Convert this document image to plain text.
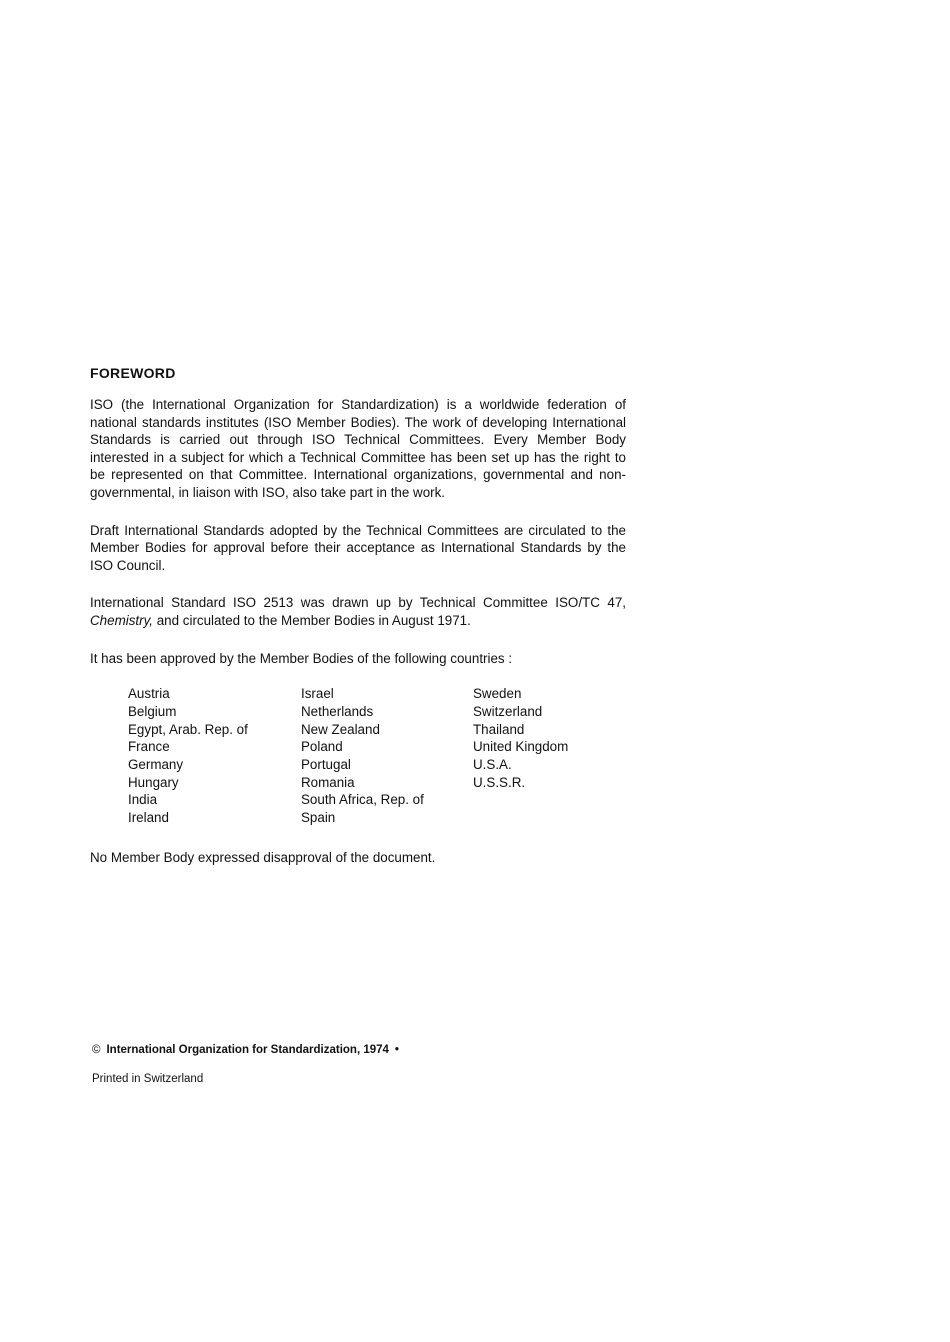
FOREWORD

ISO (the International Organization for Standardization) is a worldwide federation of national standards institutes (ISO Member Bodies). The work of developing International Standards is carried out through ISO Technical Committees. Every Member Body interested in a subject for which a Technical Committee has been set up has the right to be represented on that Committee. International organizations, governmental and non-governmental, in liaison with ISO, also take part in the work.

Draft International Standards adopted by the Technical Committees are circulated to the Member Bodies for approval before their acceptance as International Standards by the ISO Council.

International Standard ISO 2513 was drawn up by Technical Committee ISO/TC 47, Chemistry, and circulated to the Member Bodies in August 1971.

It has been approved by the Member Bodies of the following countries :

Austria
Belgium
Egypt, Arab. Rep. of
France
Germany
Hungary
India
Ireland
Israel
Netherlands
New Zealand
Poland
Portugal
Romania
South Africa, Rep. of
Spain
Sweden
Switzerland
Thailand
United Kingdom
U.S.A.
U.S.S.R.
No Member Body expressed disapproval of the document.
© International Organization for Standardization, 1974 •
Printed in Switzerland
